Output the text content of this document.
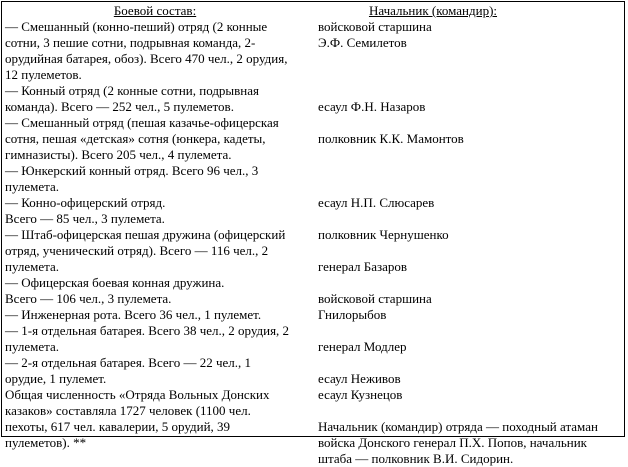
Боевой состав:
— Смешанный (конно-пеший) отряд (2 конные
сотни, 3 пешие сотни, подрывная команда, 2-
орудийная батарея, обоз). Всего 470 чел., 2 орудия,
12 пулеметов.
— Конный отряд (2 конные сотни, подрывная
команда). Всего — 252 чел., 5 пулеметов.
— Смешанный отряд (пешая казачье-офицерская
сотня, пешая «детская» сотня (юнкера, кадеты,
гимназисты). Всего 205 чел., 4 пулемета.
— Юнкерский конный отряд. Всего 96 чел., 3
пулемета.
— Конно-офицерский отряд.
Всего — 85 чел., 3 пулемета.
— Штаб-офицерская пешая дружина (офицерский
отряд, ученический отряд). Всего — 116 чел., 2
пулемета.
— Офицерская боевая конная дружина.
Всего — 106 чел., 3 пулемета.
— Инженерная рота. Всего 36 чел., 1 пулемет.
— 1-я отдельная батарея. Всего 38 чел., 2 орудия, 2
пулемета.
— 2-я отдельная батарея. Всего — 22 чел., 1
орудие, 1 пулемет.
Общая численность «Отряда Вольных Донских
казаков» составляла 1727 человек (1100 чел.
пехоты, 617 чел. кавалерии, 5 орудий, 39
пулеметов). **
Начальник (командир):
войсковой старшина
Э.Ф. Семилетов
есаул Ф.Н. Назаров
полковник К.К. Мамонтов
есаул Н.П. Слюсарев
полковник Чернушенко
генерал Базаров
войсковой старшина
Гнилорыбов
генерал Модлер
есаул Неживов
есаул Кузнецов
Начальник (командир) отряда — походный атаман
войска Донского генерал П.Х. Попов, начальник
штаба — полковник В.И. Сидорин.
